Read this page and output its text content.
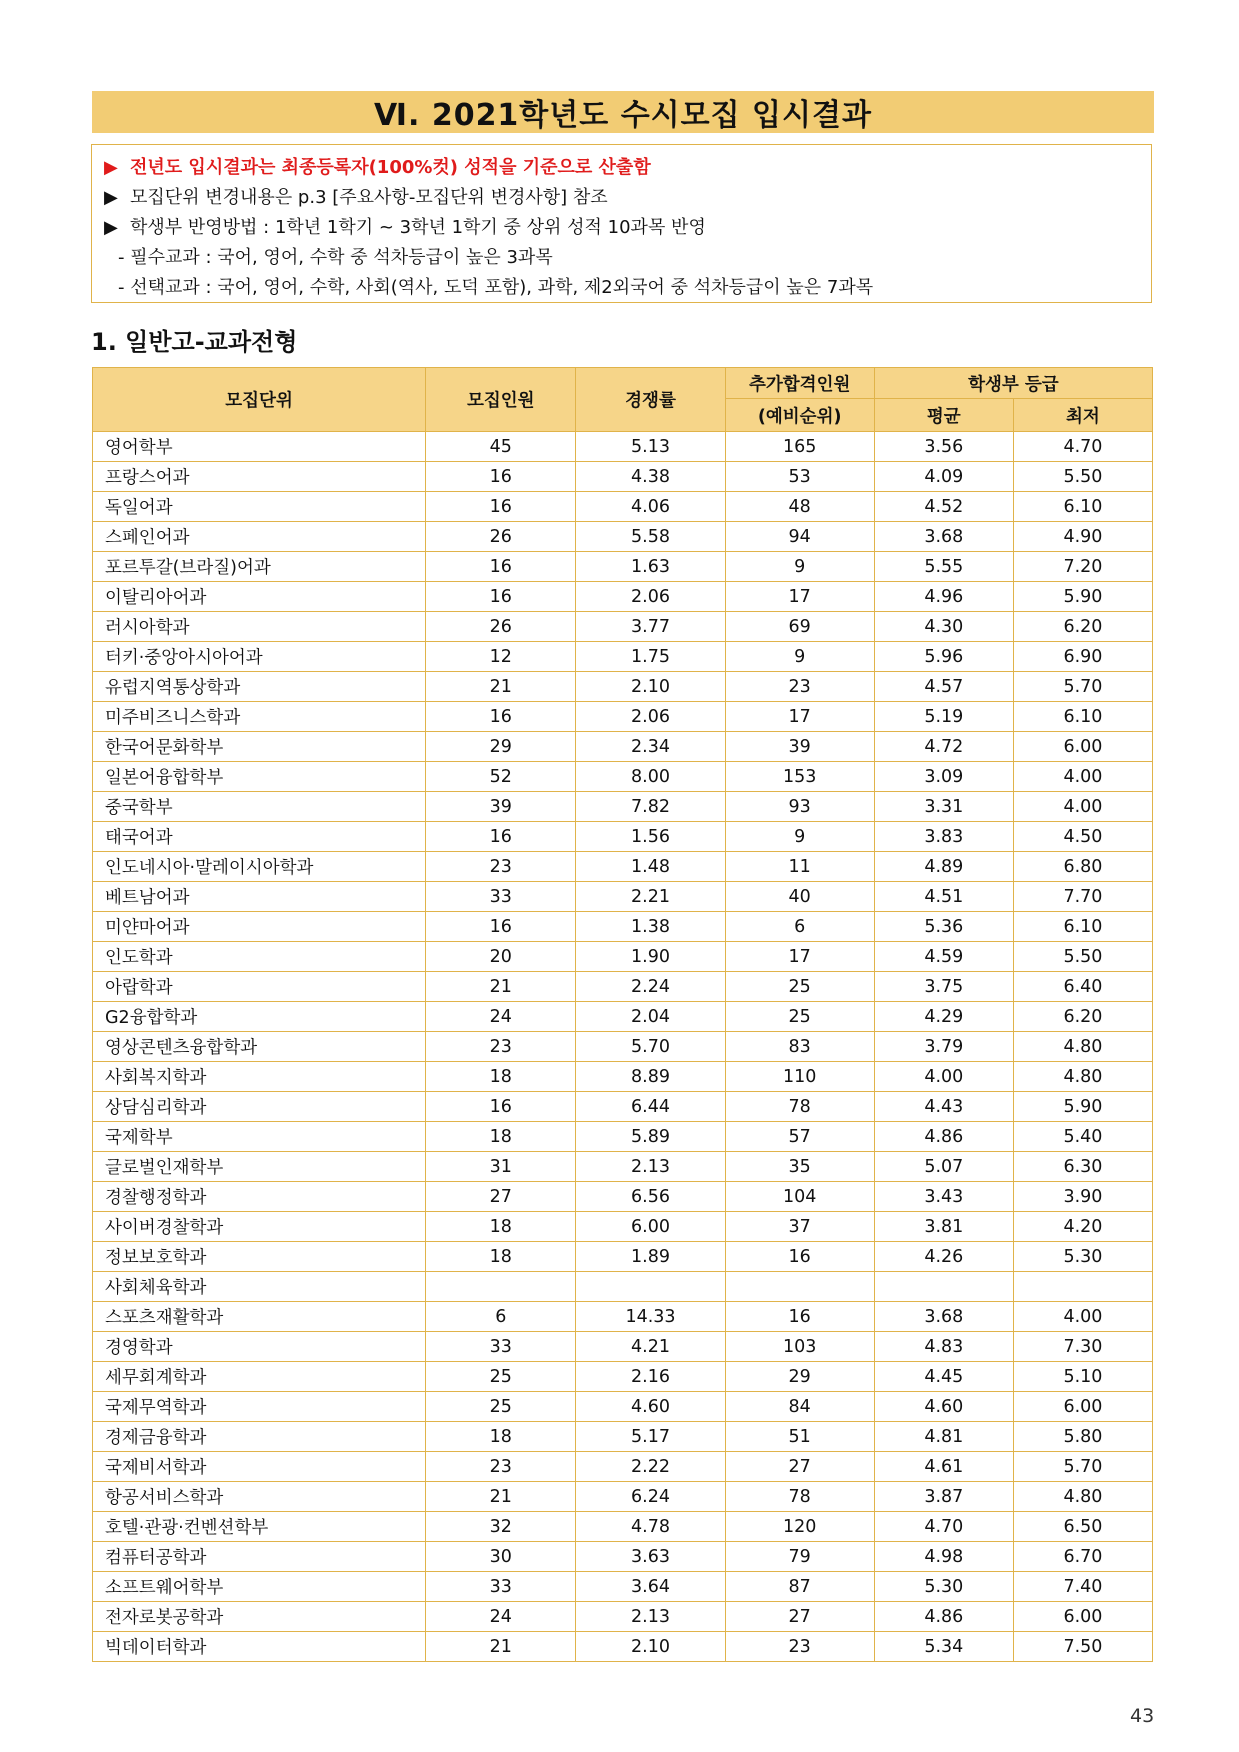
Ⅵ. 2021학년도 수시모집 입시결과
▶ 전년도 입시결과는 최종등록자(100%컷) 성적을 기준으로 산출함
▶ 모집단위 변경내용은 p.3 [주요사항-모집단위 변경사항] 참조
▶ 학생부 반영방법 : 1학년 1학기 ~ 3학년 1학기 중 상위 성적 10과목 반영
- 필수교과 : 국어, 영어, 수학 중 석차등급이 높은 3과목
- 선택교과 : 국어, 영어, 수학, 사회(역사, 도덕 포함), 과학, 제2외국어 중 석차등급이 높은 7과목
1. 일반고-교과전형
모집단위	모집인원	경쟁률	추가합격인원	학생부 등급	
			(예비순위)	평균	최저
영어학부	45	5.13	165	3.56	4.70
프랑스어과	16	4.38	53	4.09	5.50
독일어과	16	4.06	48	4.52	6.10
스페인어과	26	5.58	94	3.68	4.90
포르투갈(브라질)어과	16	1.63	9	5.55	7.20
이탈리아어과	16	2.06	17	4.96	5.90
러시아학과	26	3.77	69	4.30	6.20
터키·중앙아시아어과	12	1.75	9	5.96	6.90
유럽지역통상학과	21	2.10	23	4.57	5.70
미주비즈니스학과	16	2.06	17	5.19	6.10
한국어문화학부	29	2.34	39	4.72	6.00
일본어융합학부	52	8.00	153	3.09	4.00
중국학부	39	7.82	93	3.31	4.00
태국어과	16	1.56	9	3.83	4.50
인도네시아·말레이시아학과	23	1.48	11	4.89	6.80
베트남어과	33	2.21	40	4.51	7.70
미얀마어과	16	1.38	6	5.36	6.10
인도학과	20	1.90	17	4.59	5.50
아랍학과	21	2.24	25	3.75	6.40
G2융합학과	24	2.04	25	4.29	6.20
영상콘텐츠융합학과	23	5.70	83	3.79	4.80
사회복지학과	18	8.89	110	4.00	4.80
상담심리학과	16	6.44	78	4.43	5.90
국제학부	18	5.89	57	4.86	5.40
글로벌인재학부	31	2.13	35	5.07	6.30
경찰행정학과	27	6.56	104	3.43	3.90
사이버경찰학과	18	6.00	37	3.81	4.20
정보보호학과	18	1.89	16	4.26	5.30
사회체육학과					
스포츠재활학과	6	14.33	16	3.68	4.00
경영학과	33	4.21	103	4.83	7.30
세무회계학과	25	2.16	29	4.45	5.10
국제무역학과	25	4.60	84	4.60	6.00
경제금융학과	18	5.17	51	4.81	5.80
국제비서학과	23	2.22	27	4.61	5.70
항공서비스학과	21	6.24	78	3.87	4.80
호텔·관광·컨벤션학부	32	4.78	120	4.70	6.50
컴퓨터공학과	30	3.63	79	4.98	6.70
소프트웨어학부	33	3.64	87	5.30	7.40
전자로봇공학과	24	2.13	27	4.86	6.00
빅데이터학과	21	2.10	23	5.34	7.50
43
